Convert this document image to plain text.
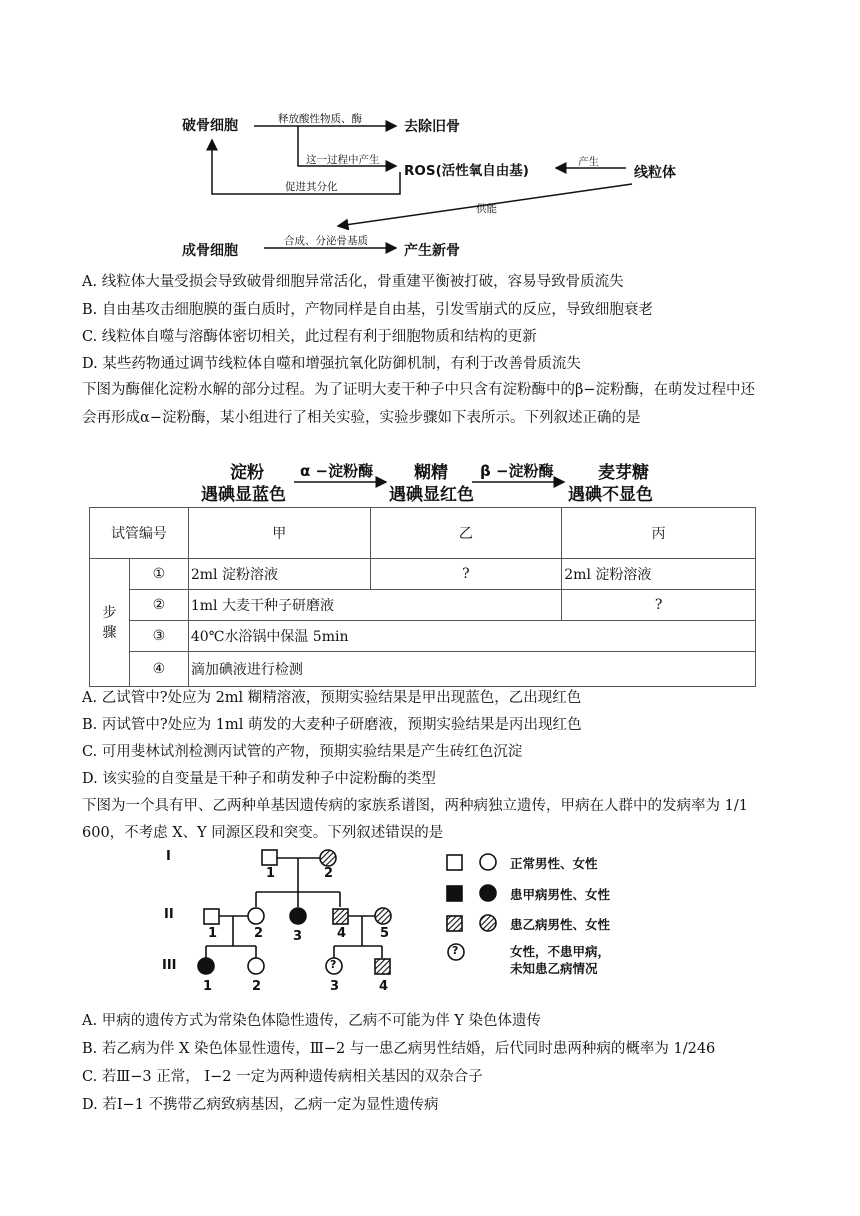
破骨细胞	释放酸性物质、酶	去除旧骨
这一过程中产生
ROS(活性氧自由基)
产生
线粒体
促进其分化
供能
成骨细胞
合成、分泌骨基质
产生新骨
A. 线粒体大量受损会导致破骨细胞异常活化，骨重建平衡被打破，容易导致骨质流失
B. 自由基攻击细胞膜的蛋白质时，产物同样是自由基，引发雪崩式的反应，导致细胞衰老
C. 线粒体自噬与溶酶体密切相关，此过程有利于细胞物质和结构的更新
D. 某些药物通过调节线粒体自噬和增强抗氧化防御机制，有利于改善骨质流失
下图为酶催化淀粉水解的部分过程。为了证明大麦干种子中只含有淀粉酶中的β−淀粉酶，在萌发过程中还
会再形成α−淀粉酶，某小组进行了相关实验，实验步骤如下表所示。下列叙述正确的是
淀粉
遇碘显蓝色
α −淀粉酶 糊精
遇碘显红色
β −淀粉酶	麦芽糖
遇碘不显色
试管编号		甲	乙	丙
步
骤	①	2ml 淀粉溶液	?	2ml 淀粉溶液
	②	1ml 大麦干种子研磨液		?
	③	40℃水浴锅中保温 5min		
	④	滴加碘液进行检测		
A. 乙试管中?处应为 2ml 糊精溶液，预期实验结果是甲出现蓝色，乙出现红色
B. 丙试管中?处应为 1ml 萌发的大麦种子研磨液，预期实验结果是丙出现红色
C. 可用斐林试剂检测丙试管的产物，预期实验结果是产生砖红色沉淀
D. 该实验的自变量是干种子和萌发种子中淀粉酶的类型
下图为一个具有甲、乙两种单基因遗传病的家族系谱图，两种病独立遗传，甲病在人群中的发病率为 1/1
600，不考虑 X、Y 同源区段和突变。下列叙述错误的是
I
II
III
1	2
1	2 3	4	5
1	2	3	4
?
?
正常男性、女性
患甲病男性、女性
患乙病男性、女性
女性，不患甲病，
未知患乙病情况
A. 甲病的遗传方式为常染色体隐性遗传，乙病不可能为伴 Y 染色体遗传
B. 若乙病为伴 X 染色体显性遗传，Ⅲ−2 与一患乙病男性结婚，后代同时患两种病的概率为 1/246
C. 若Ⅲ−3 正常， Ⅰ−2 一定为两种遗传病相关基因的双杂合子
D. 若Ⅰ−1 不携带乙病致病基因，乙病一定为显性遗传病
